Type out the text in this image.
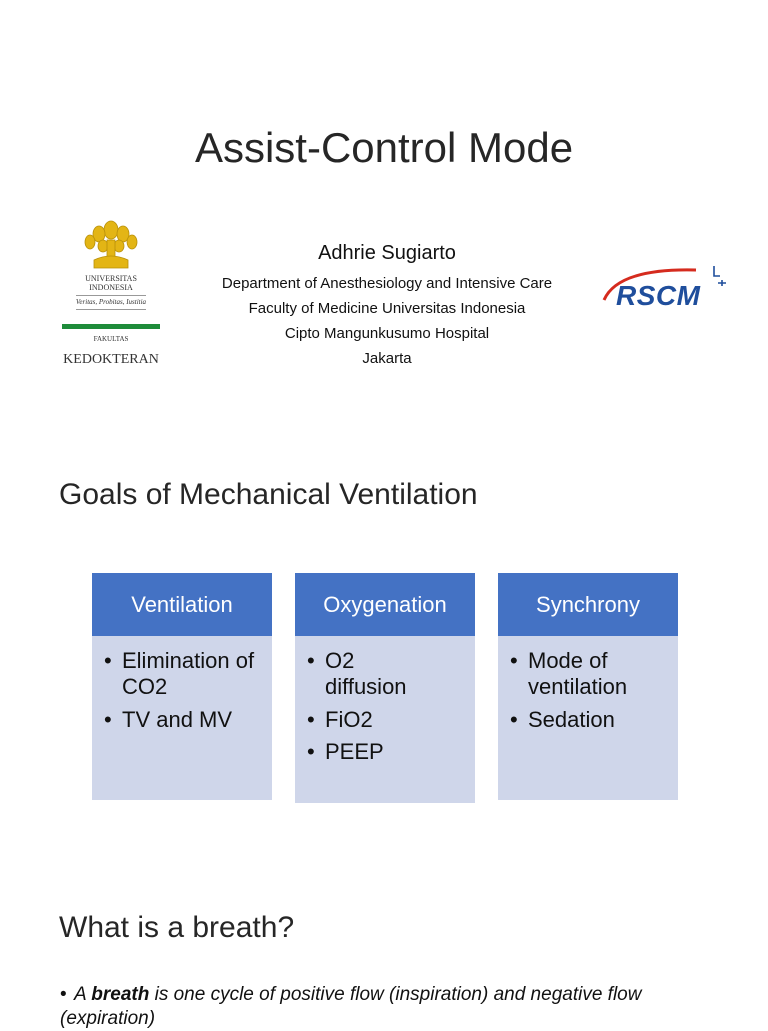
Assist-Control Mode
UNIVERSITAS INDONESIA
Veritas, Probitas, Iustitia
FAKULTAS
KEDOKTERAN
Adhrie Sugiarto
Department of Anesthesiology and Intensive Care
Faculty of Medicine Universitas Indonesia
Cipto Mangunkusumo Hospital
Jakarta
RSCM
Goals of Mechanical Ventilation
Ventilation
• Elimination of CO2
• TV and MV
Oxygenation
• O2 diffusion
• FiO2
• PEEP
Synchrony
• Mode of ventilation
• Sedation
What is a breath?
• A breath is one cycle of positive flow (inspiration) and negative flow (expiration)
